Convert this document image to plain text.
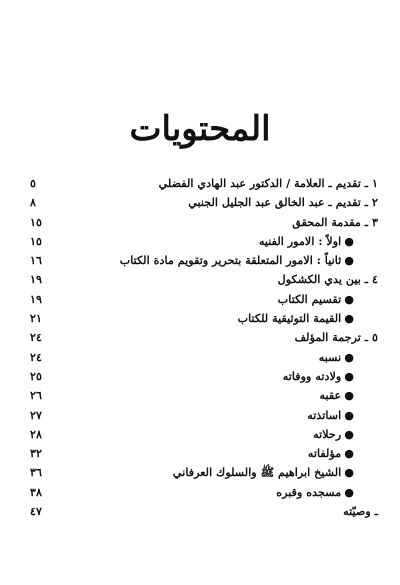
المحتويات
١ ـ تقديم ـ العلامة / الدكتور عبد الهادي الفضلي
٥
٢ ـ تقديم ـ عبد الخالق عبد الجليل الجنبي
٨
٣ ـ مقدمة المحقق
١٥
●اولاً : الامور الفنيه
١٥
●ثانياً : الامور المتعلقة بتحرير وتقويم مادة الكتاب
١٦
٤ ـ بين يدي الكشكول
١٩
●تقسيم الكتاب
١٩
●القيمة التوثيقية للكتاب
٢١
٥ ـ ترجمة المؤلف
٢٤
●نسبه
٢٤
●ولادته ووفاته
٢٥
●عقبه
٢٦
●اساتذته
٢٧
●رحلاته
٢٨
●مؤلفاته
٣٢
●الشيخ ابراهيم ﷺ والسلوك العرفاني
٣٦
●مسجده وقبره
٣٨
ـ وصيّته
٤٧
